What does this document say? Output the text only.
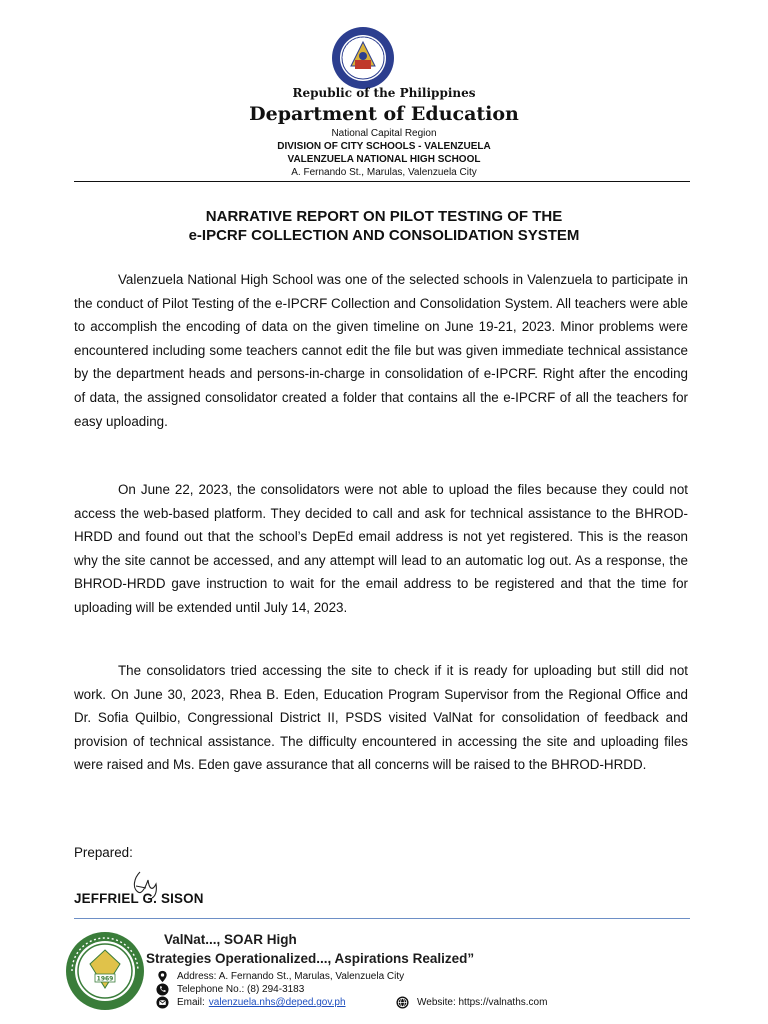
Republic of the Philippines
Department of Education
National Capital Region
DIVISION OF CITY SCHOOLS - VALENZUELA
VALENZUELA NATIONAL HIGH SCHOOL
A. Fernando St., Marulas, Valenzuela City
NARRATIVE REPORT ON PILOT TESTING OF THE
e-IPCRF COLLECTION AND CONSOLIDATION SYSTEM

Valenzuela National High School was one of the selected schools in Valenzuela to participate in the conduct of Pilot Testing of the e-IPCRF Collection and Consolidation System. All teachers were able to accomplish the encoding of data on the given timeline on June 19-21, 2023. Minor problems were encountered including some teachers cannot edit the file but was given immediate technical assistance by the department heads and persons-in-charge in consolidation of e-IPCRF. Right after the encoding of data, the assigned consolidator created a folder that contains all the e-IPCRF of all the teachers for easy uploading.

On June 22, 2023, the consolidators were not able to upload the files because they could not access the web-based platform. They decided to call and ask for technical assistance to the BHROD-HRDD and found out that the school’s DepEd email address is not yet registered. This is the reason why the site cannot be accessed, and any attempt will lead to an automatic log out. As a response, the BHROD-HRDD gave instruction to wait for the email address to be registered and that the time for uploading will be extended until July 14, 2023.

The consolidators tried accessing the site to check if it is ready for uploading but still did not work. On June 30, 2023, Rhea B. Eden, Education Program Supervisor from the Regional Office and Dr. Sofia Quilbio, Congressional District II, PSDS visited ValNat for consolidation of feedback and provision of technical assistance. The difficulty encountered in accessing the site and uploading files were raised and Ms. Eden gave assurance that all concerns will be raised to the BHROD-HRDD.

Prepared:
JEFFRIEL G. SISON
1969
ValNat..., SOAR High
Strategies Operationalized..., Aspirations Realized”
Address: A. Fernando St., Marulas, Valenzuela City
Telephone No.: (8) 294-3183
Email: valenzuela.nhs@deped.gov.ph	Website: https://valnaths.com
